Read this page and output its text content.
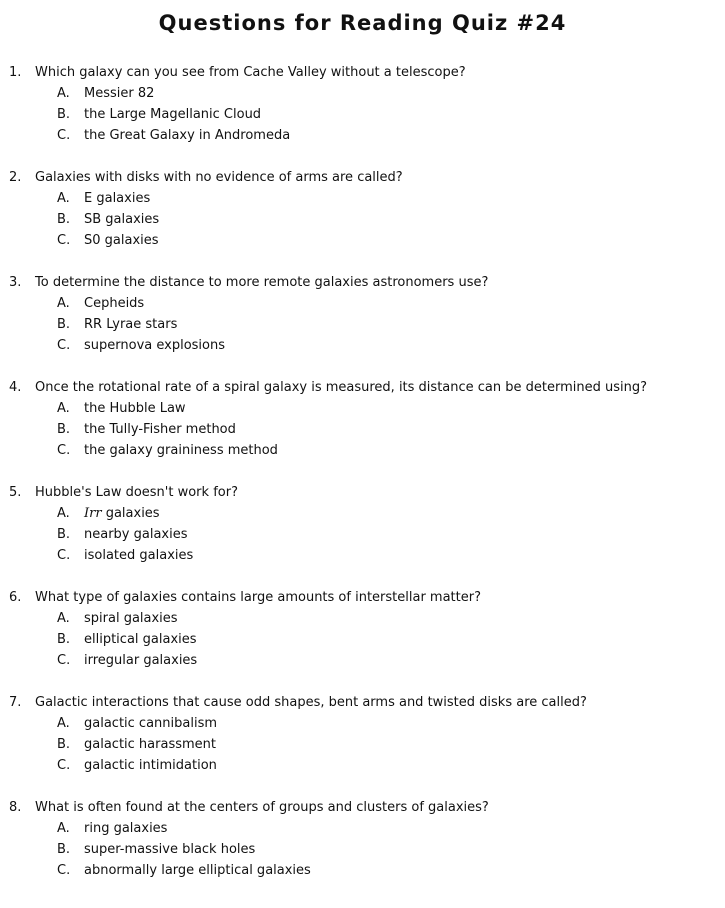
Questions for Reading Quiz #24
1. Which galaxy can you see from Cache Valley without a telescope?
A. Messier 82
B. the Large Magellanic Cloud
C. the Great Galaxy in Andromeda
2. Galaxies with disks with no evidence of arms are called?
A. E galaxies
B. SB galaxies
C. S0 galaxies
3. To determine the distance to more remote galaxies astronomers use?
A. Cepheids
B. RR Lyrae stars
C. supernova explosions
4. Once the rotational rate of a spiral galaxy is measured, its distance can be determined using?
A. the Hubble Law
B. the Tully-Fisher method
C. the galaxy graininess method
5. Hubble's Law doesn't work for?
A. Irr galaxies
B. nearby galaxies
C. isolated galaxies
6. What type of galaxies contains large amounts of interstellar matter?
A. spiral galaxies
B. elliptical galaxies
C. irregular galaxies
7. Galactic interactions that cause odd shapes, bent arms and twisted disks are called?
A. galactic cannibalism
B. galactic harassment
C. galactic intimidation
8. What is often found at the centers of groups and clusters of galaxies?
A. ring galaxies
B. super-massive black holes
C. abnormally large elliptical galaxies
